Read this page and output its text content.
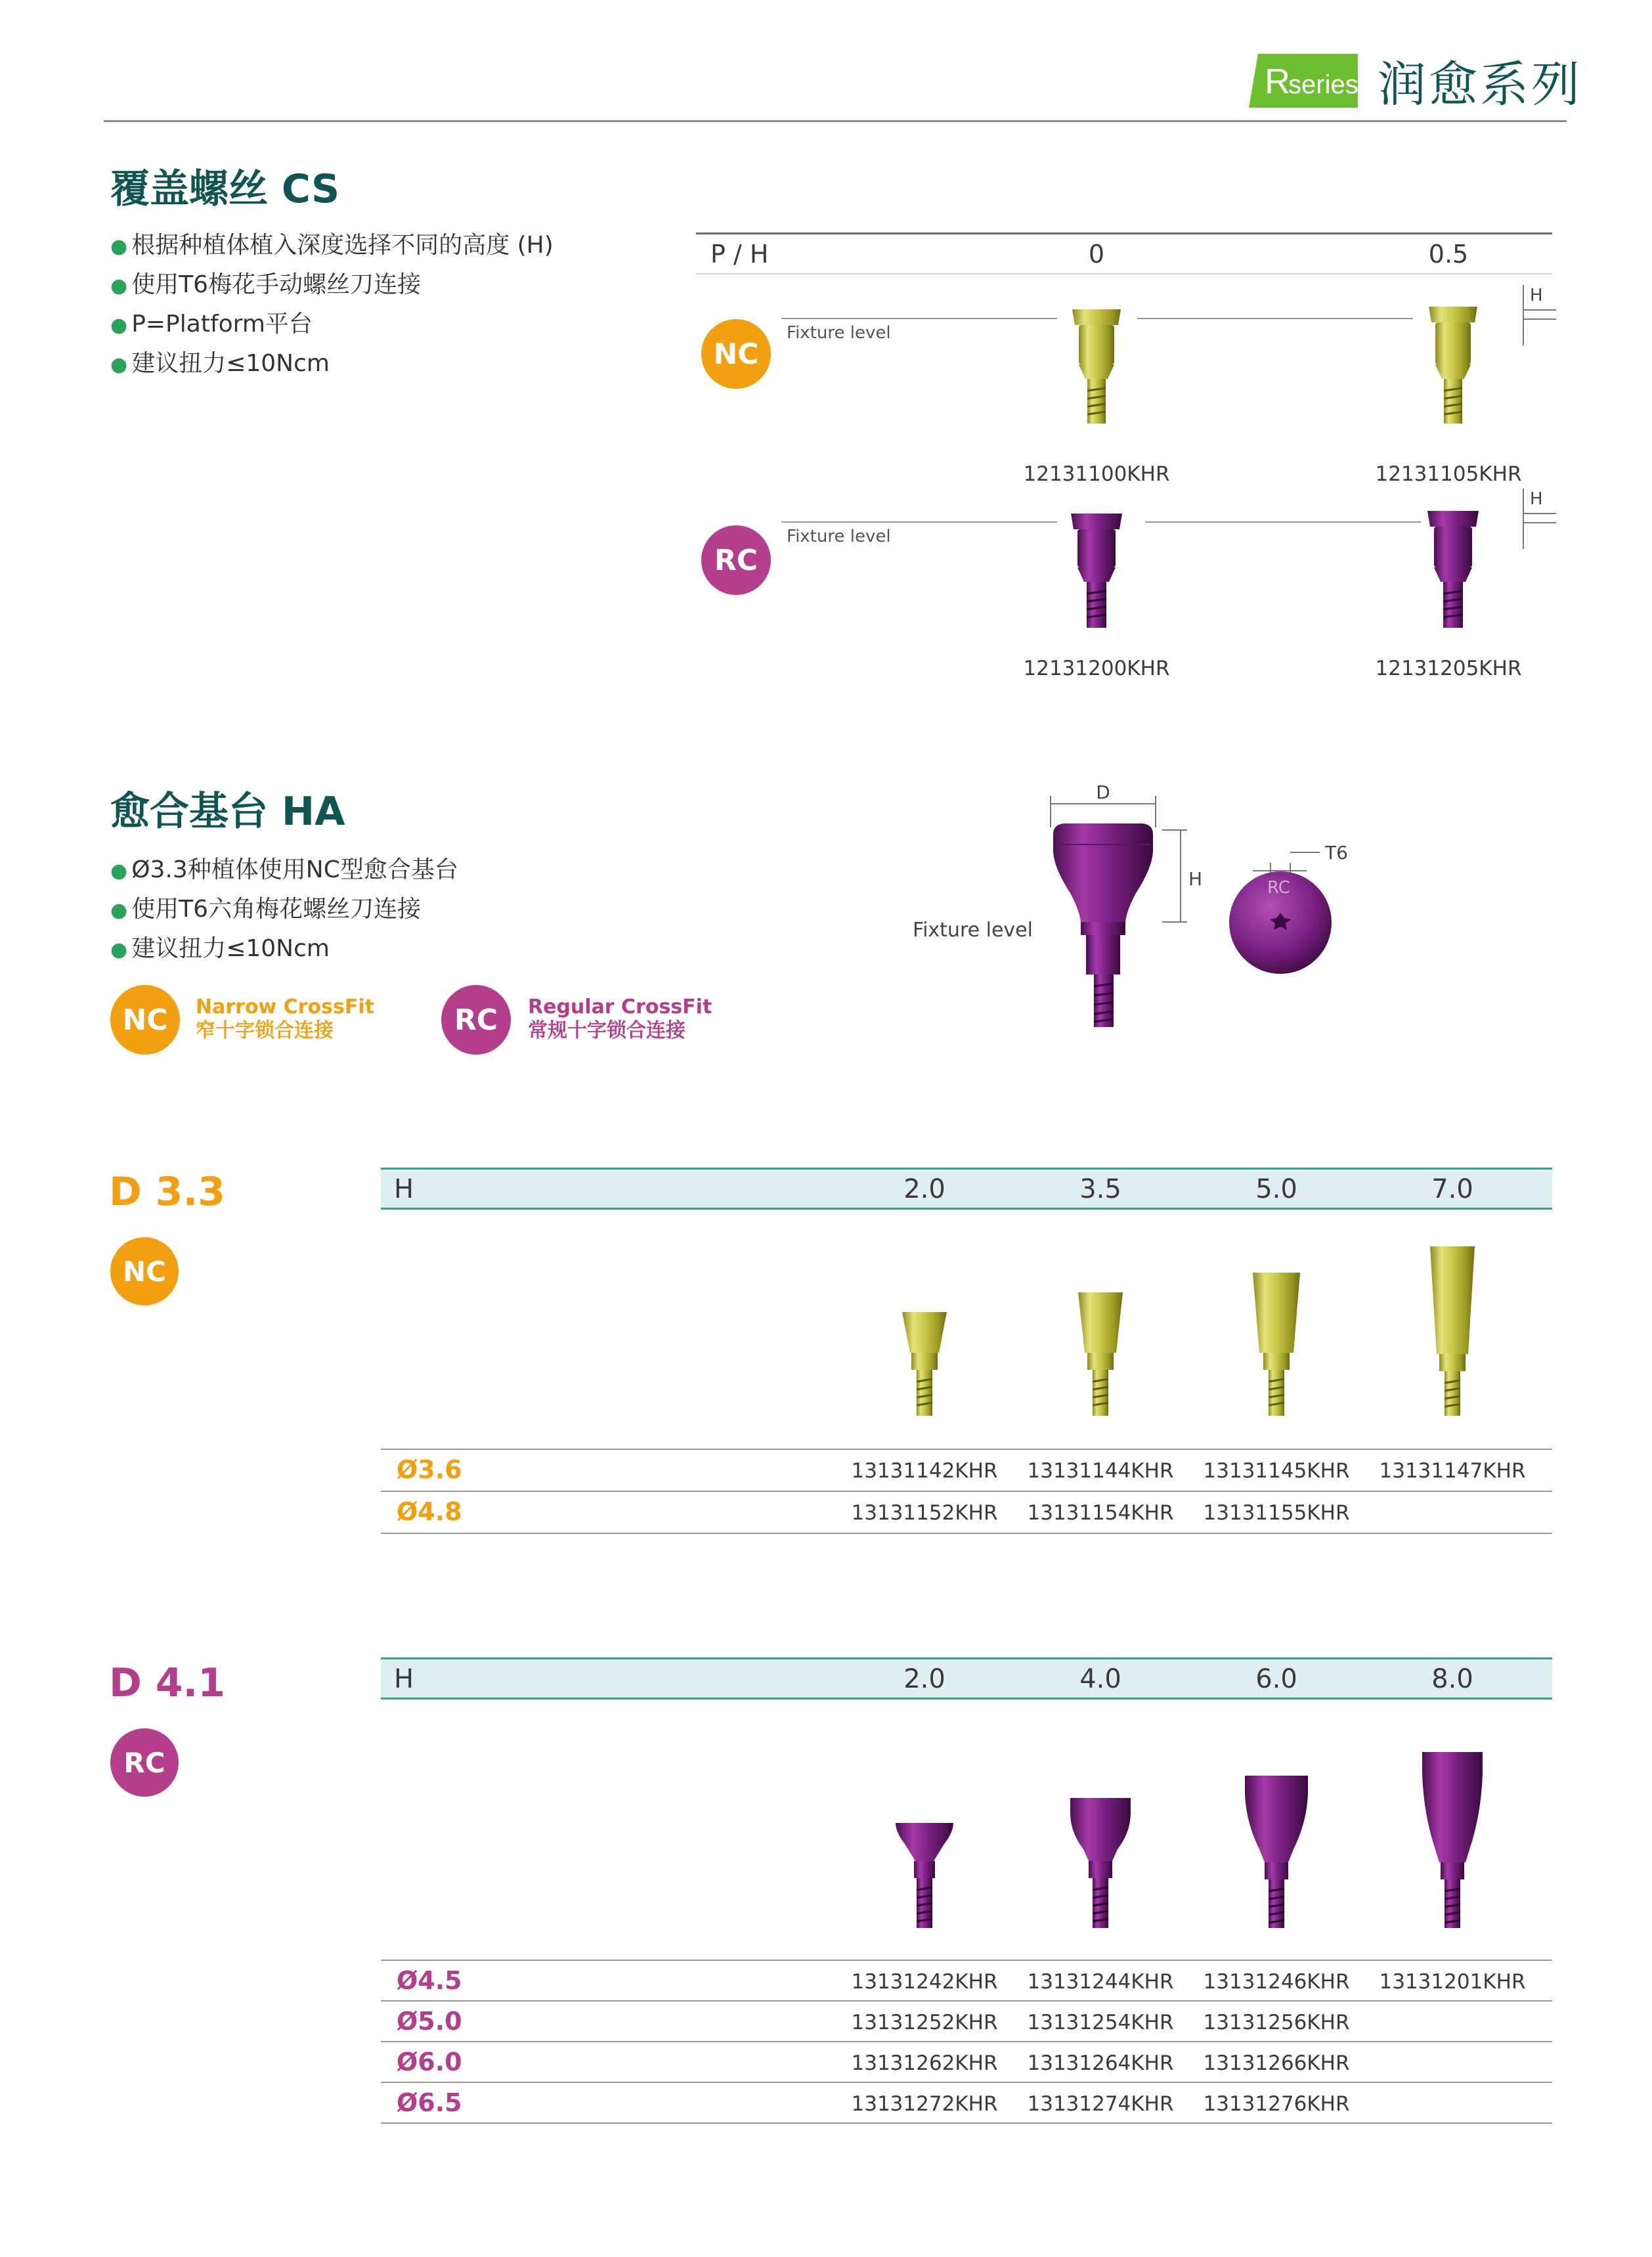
R
series 润愈系列
覆盖螺丝 CS
● 根据种植体植入深度选择不同的高度 (H)
● 使用T6梅花手动螺丝刀连接
● P=Platform平台
● 建议扭力≤10Ncm
P / H	0	0.5
NC
Fixture level
H
12131100KHR	12131105KHR
RC
Fixture level
H
12131200KHR	12131205KHR
愈合基台 HA
● Ø3.3种植体使用NC型愈合基台
● 使用T6六角梅花螺丝刀连接
● 建议扭力≤10Ncm
NC	Narrow CrossFit
窄十字锁合连接	RC	Regular CrossFit
常规十字锁合连接
D
H
Fixture level
T6
RC
D 3.3
NC
H	2.0	3.5	5.0	7.0
Ø3.6	13131142KHR 13131144KHR 13131145KHR 13131147KHR
Ø4.8	13131152KHR 13131154KHR 13131155KHR
D 4.1
RC
H	2.0	4.0	6.0	8.0
Ø4.5	13131242KHR 13131244KHR 13131246KHR 13131201KHR
Ø5.0	13131252KHR 13131254KHR 13131256KHR
Ø6.0	13131262KHR 13131264KHR 13131266KHR
Ø6.5	13131272KHR 13131274KHR 13131276KHR
